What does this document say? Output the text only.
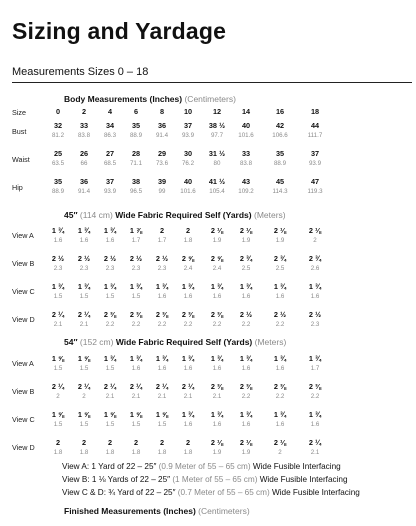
Sizing and Yardage
Measurements Sizes 0 – 18
Body Measurements (Inches) (Centimeters)
Size	0	2	4	6	8	10	12	14	16	18
Bust
32	33	34	35	36	37	38 ½	40	42	44
81.2	83.8	86.3	88.9	91.4	93.9	97.7	101.6	106.6	111.7
Waist
25	26	27	28	29	30	31 ½	33	35	37
63.5	66	68.5	71.1	73.6	76.2	80	83.8	88.9	93.9
Hip
35	36	37	38	39	40	41 ½	43	45	47
88.9	91.4	93.9	96.5	99	101.6	105.4	109.2	114.3	119.3
45″ (114 cm) Wide Fabric Required Self (Yards) (Meters)
View A
1 ¾	1 ¾	1 ¾	1 ⅞	2	2	2 ⅛	2 ⅛	2 ⅛	2 ⅛
1.6	1.6	1.6	1.7	1.7	1.8	1.9	1.9	1.9	2
View B
2 ½	2 ½	2 ½	2 ½	2 ½	2 ⅝	2 ⅝	2 ¾	2 ¾	2 ¾
2.3	2.3	2.3	2.3	2.3	2.4	2.4	2.5	2.5	2.6
View C
1 ¾	1 ¾	1 ¾	1 ¾	1 ¾	1 ¾	1 ¾	1 ¾	1 ¾	1 ¾
1.5	1.5	1.5	1.5	1.6	1.6	1.6	1.6	1.6	1.6
View D
2 ¼	2 ¼	2 ⅜	2 ⅜	2 ⅜	2 ⅜	2 ⅜	2 ½	2 ½	2 ½
2.1	2.1	2.2	2.2	2.2	2.2	2.2	2.2	2.2	2.3
54″ (152 cm) Wide Fabric Required Self (Yards) (Meters)
View A
1 ⅝	1 ⅝	1 ¾	1 ¾	1 ¾	1 ¾	1 ¾	1 ¾	1 ¾	1 ¾
1.5	1.5	1.5	1.6	1.6	1.6	1.6	1.6	1.6	1.7
View B
2 ¼	2 ¼	2 ¼	2 ¼	2 ¼	2 ¼	2 ⅜	2 ⅜	2 ⅜	2 ⅜
2	2	2.1	2.1	2.1	2.1	2.1	2.2	2.2	2.2
View C
1 ⅝	1 ⅝	1 ⅝	1 ⅝	1 ⅝	1 ¾	1 ¾	1 ¾	1 ¾	1 ¾
1.5	1.5	1.5	1.5	1.5	1.6	1.6	1.6	1.6	1.6
View D
2	2	2	2	2	2	2 ⅛	2 ⅛	2 ⅛	2 ¼
1.8	1.8	1.8	1.8	1.8	1.8	1.9	1.9	2	2.1
View A: 1 Yard of 22 – 25″ (0.9 Meter of 55 – 65 cm) Wide Fusible Interfacing
View B: 1 ⅛ Yards of 22 – 25″ (1 Meter of 55 – 65 cm) Wide Fusible Interfacing
View C & D: ¾ Yard of 22 – 25″ (0.7 Meter of 55 – 65 cm) Wide Fusible Interfacing
Finished Measurements (Inches) (Centimeters)
